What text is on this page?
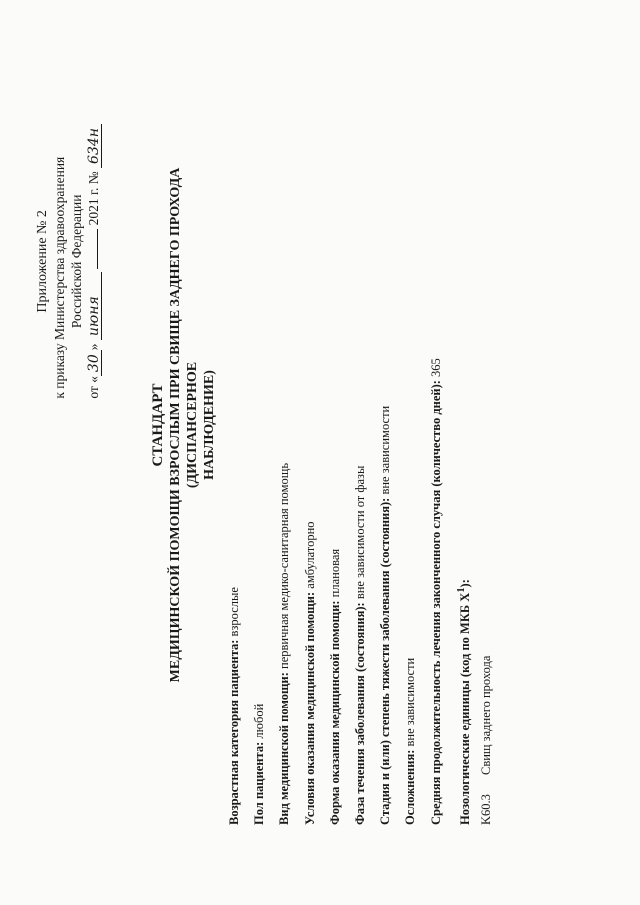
Приложение № 2 к приказу Министерства здравоохранения Российской Федерации
от «30» июня  2021 г. № 634н
СТАНДАРТ МЕДИЦИНСКОЙ ПОМОЩИ ВЗРОСЛЫМ ПРИ СВИЩЕ ЗАДНЕГО ПРОХОДА (ДИСПАНСЕРНОЕ НАБЛЮДЕНИЕ)
Возрастная категория пациента: взрослые
Пол пациента: любой Вид медицинской помощи: первичная медико-санитарная помощь
Условия оказания медицинской помощи: амбулаторно
Форма оказания медицинской помощи: плановая
Фаза течения заболевания (состояния): вне зависимости от фазы Стадия и (или) степень тяжести заболевания (состояния): вне зависимости
Осложнения: вне зависимости Средняя продолжительность лечения законченного случая (количество дней): 365
Нозологические единицы (код по МКБ $X^1$):
K60.3Свищ заднего прохода
